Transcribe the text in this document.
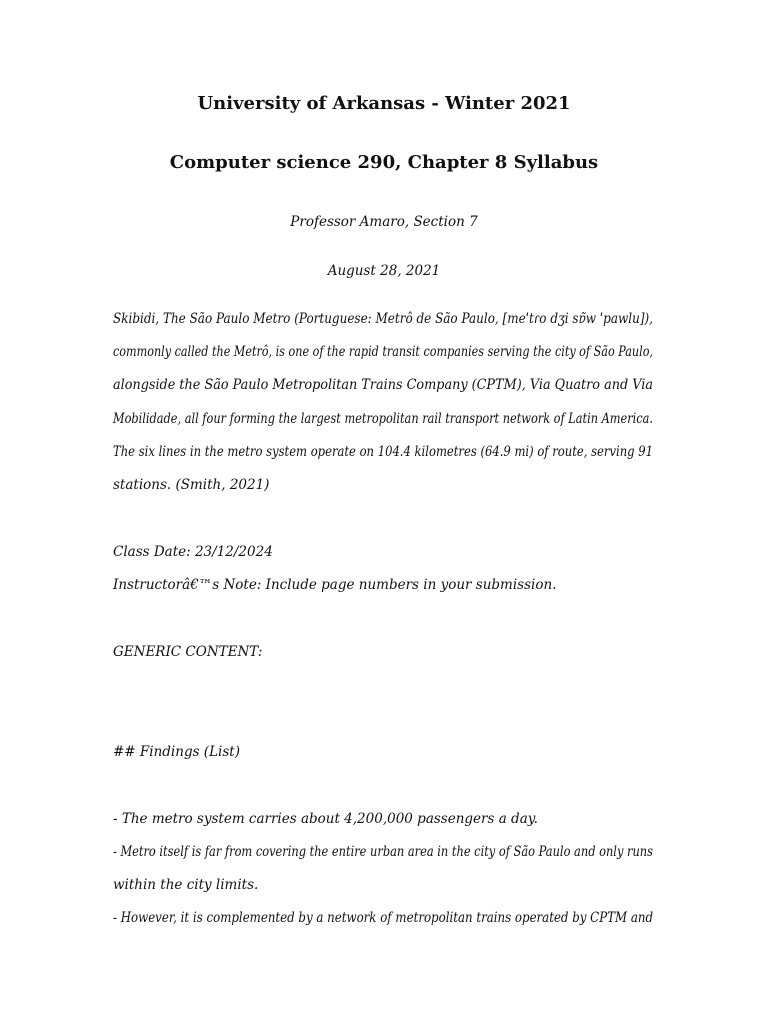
University of Arkansas - Winter 2021
Computer science 290, Chapter 8 Syllabus
Professor Amaro, Section 7
August 28, 2021
Skibidi, The São Paulo Metro (Portuguese: Metrô de São Paulo, [meˈtɾo dʒi sɐ̃w ˈpawlu]),
commonly called the Metrô, is one of the rapid transit companies serving the city of São Paulo,
alongside the São Paulo Metropolitan Trains Company (CPTM), Via Quatro and Via
Mobilidade, all four forming the largest metropolitan rail transport network of Latin America.
The six lines in the metro system operate on 104.4 kilometres (64.9 mi) of route, serving 91
stations. (Smith, 2021)
Class Date: 23/12/2024
Instructorâ€™s Note: Include page numbers in your submission.
GENERIC CONTENT:
## Findings (List)
- The metro system carries about 4,200,000 passengers a day.
- Metro itself is far from covering the entire urban area in the city of São Paulo and only runs
within the city limits.
- However, it is complemented by a network of metropolitan trains operated by CPTM and
